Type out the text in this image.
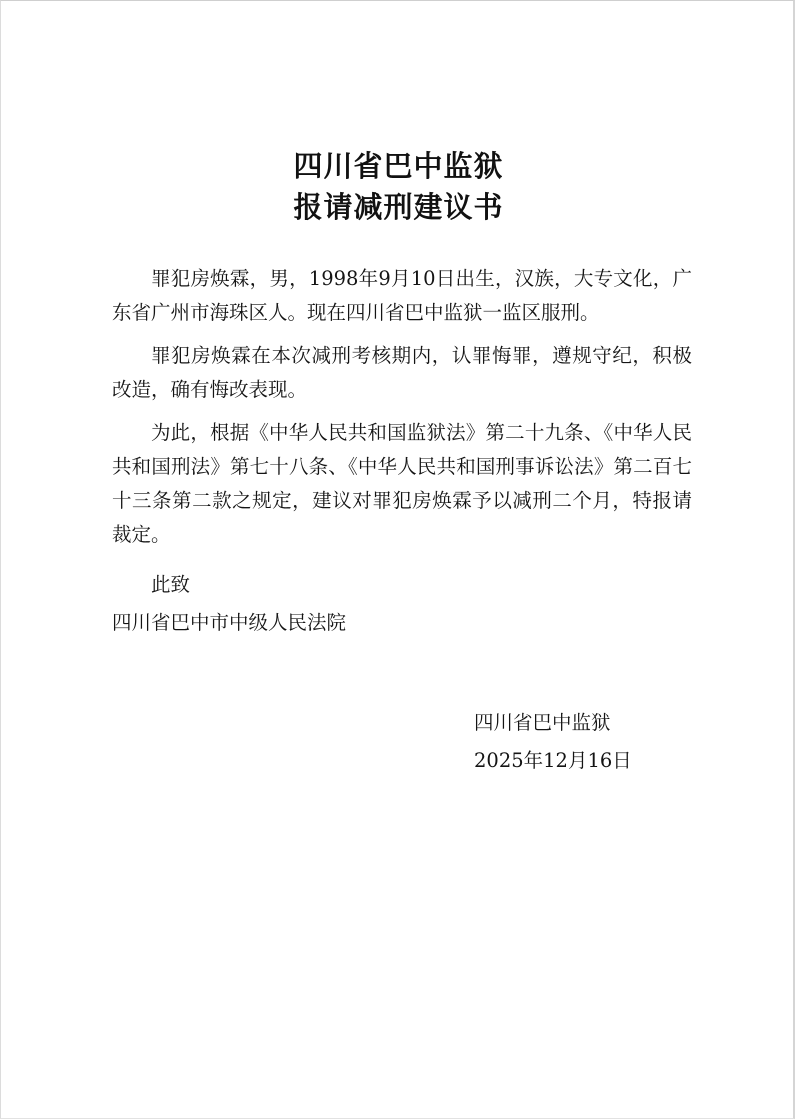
四川省巴中监狱
报请减刑建议书

罪犯房焕霖，男，1998年9月10日出生，汉族，大专文化，广东省广州市海珠区人。现在四川省巴中监狱一监区服刑。

罪犯房焕霖在本次减刑考核期内，认罪悔罪，遵规守纪，积极改造，确有悔改表现。

为此，根据《中华人民共和国监狱法》第二十九条、《中华人民共和国刑法》第七十八条、《中华人民共和国刑事诉讼法》第二百七十三条第二款之规定，建议对罪犯房焕霖予以减刑二个月，特报请裁定。

此致
四川省巴中市中级人民法院
四川省巴中监狱
2025年12月16日
